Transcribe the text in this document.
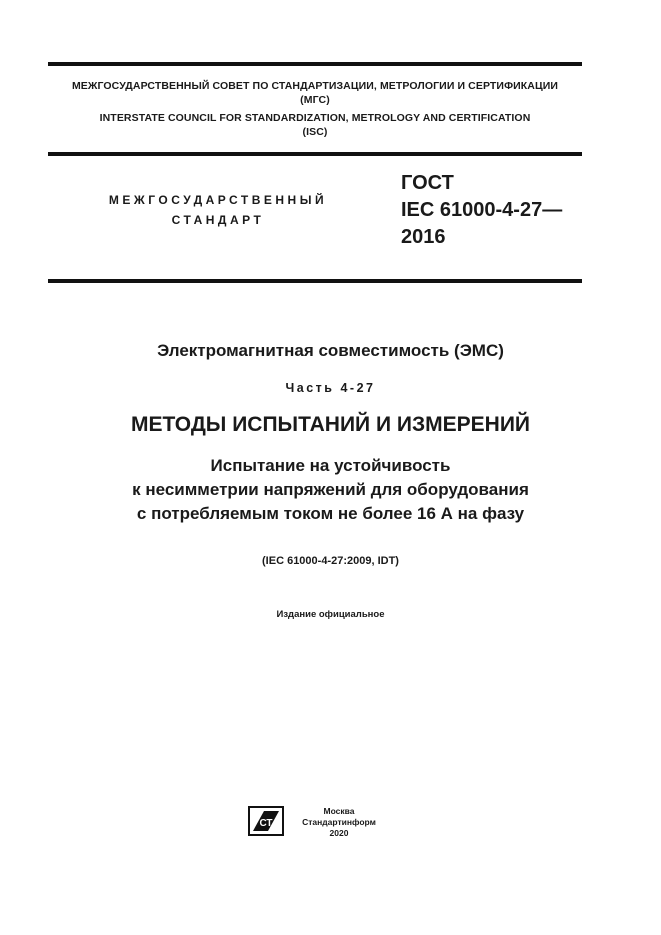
МЕЖГОСУДАРСТВЕННЫЙ СОВЕТ ПО СТАНДАРТИЗАЦИИ, МЕТРОЛОГИИ И СЕРТИФИКАЦИИ
(МГС)
INTERSTATE COUNCIL FOR STANDARDIZATION, METROLOGY AND CERTIFICATION
(ISC)
МЕЖГОСУДАРСТВЕННЫЙ
СТАНДАРТ
ГОСТ
IEC 61000-4-27—
2016
Электромагнитная совместимость (ЭМС)
Часть 4-27
МЕТОДЫ ИСПЫТАНИЙ И ИЗМЕРЕНИЙ
Испытание на устойчивость
к несимметрии напряжений для оборудования
с потребляемым током не более 16 А на фазу
(IEC 61000-4-27:2009, IDT)
Издание официальное
СТ
Москва
Стандартинформ
2020
